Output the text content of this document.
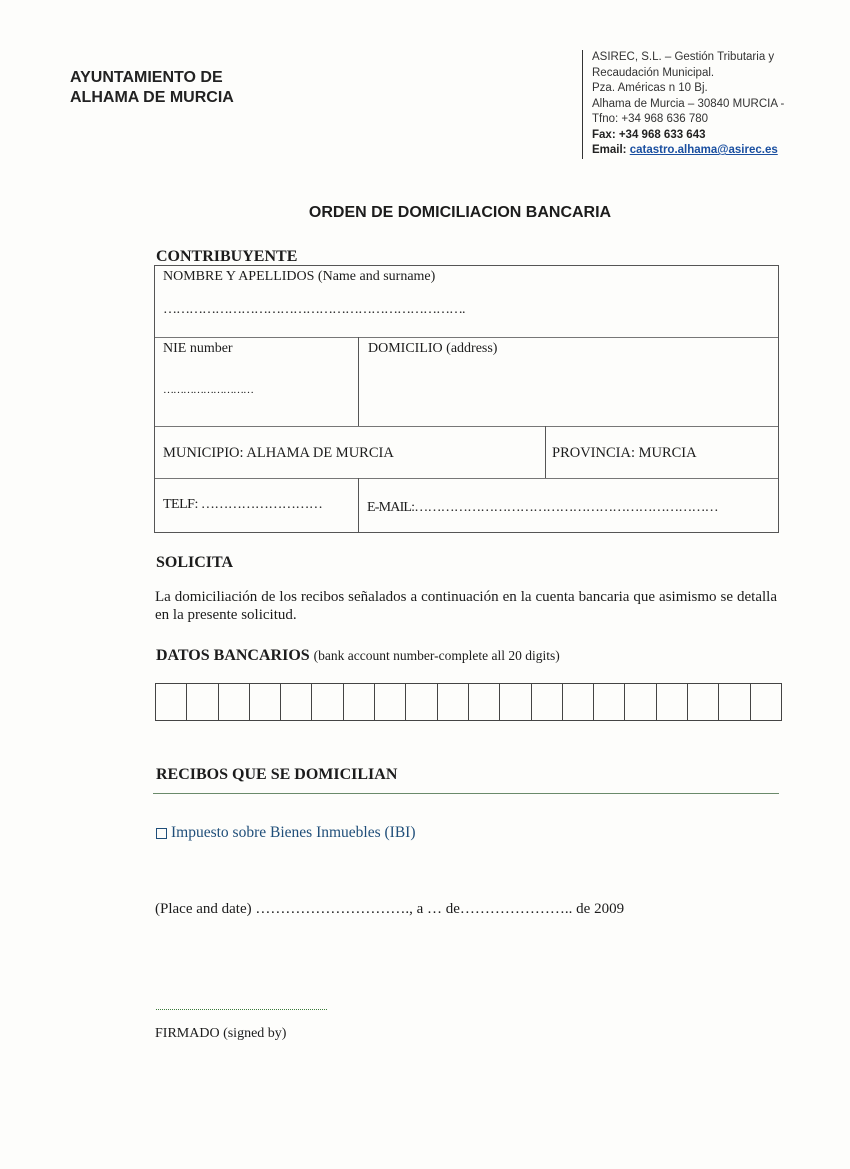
AYUNTAMIENTO DE
ALHAMA DE MURCIA
ASIREC, S.L. – Gestión Tributaria y
Recaudación Municipal.
Pza. Américas n 10 Bj.
Alhama de Murcia – 30840 MURCIA -
Tfno: +34 968 636 780
Fax: +34 968 633 643
Email: catastro.alhama@asirec.es
ORDEN DE DOMICILIACION BANCARIA
CONTRIBUYENTE
NOMBRE Y APELLIDOS (Name and surname)
…………………………………………………………….
NIE number
………………………
DOMICILIO (address)
MUNICIPIO: ALHAMA DE MURCIA	PROVINCIA: MURCIA
TELF: ………………………	E-MAIL:……………………………………………………………
SOLICITA
La domiciliación de los recibos señalados a continuación en la cuenta bancaria que asimismo se detalla en la presente solicitud.
DATOS BANCARIOS (bank account number-complete all 20 digits)
RECIBOS QUE SE DOMICILIAN
Impuesto sobre Bienes Inmuebles (IBI)
(Place and date) …………………………., a … de………………….. de 2009
FIRMADO (signed by)
